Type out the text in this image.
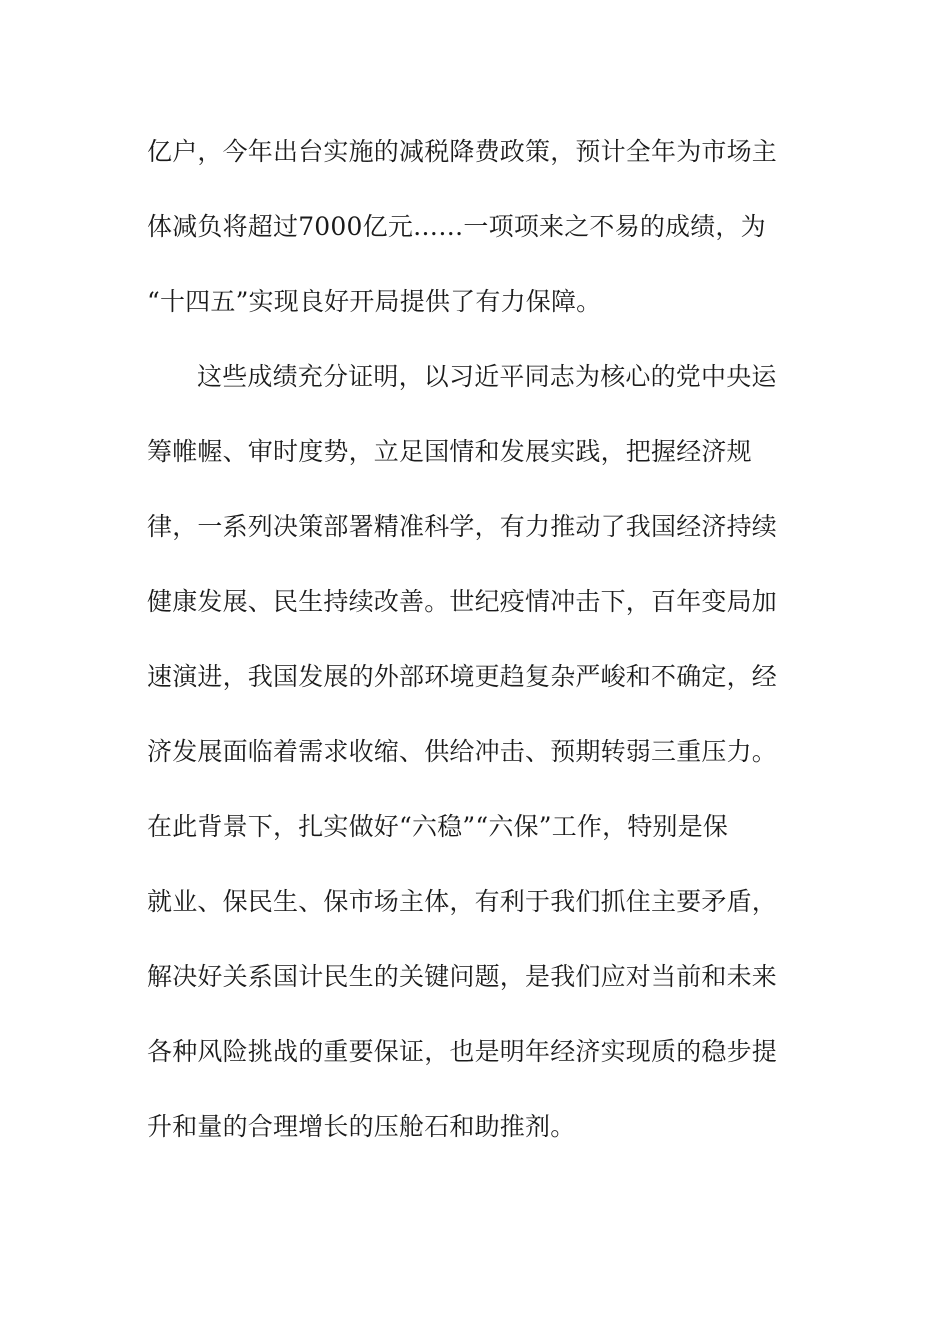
亿户，今年出台实施的减税降费政策，预计全年为市场主
体减负将超过7000亿元……一项项来之不易的成绩，为
“十四五”实现良好开局提供了有力保障。
这些成绩充分证明，以习近平同志为核心的党中央运
筹帷幄、审时度势，立足国情和发展实践，把握经济规
律，一系列决策部署精准科学，有力推动了我国经济持续
健康发展、民生持续改善。世纪疫情冲击下，百年变局加
速演进，我国发展的外部环境更趋复杂严峻和不确定，经
济发展面临着需求收缩、供给冲击、预期转弱三重压力。
在此背景下，扎实做好“六稳”“六保”工作，特别是保
就业、保民生、保市场主体，有利于我们抓住主要矛盾，
解决好关系国计民生的关键问题，是我们应对当前和未来
各种风险挑战的重要保证，也是明年经济实现质的稳步提
升和量的合理增长的压舱石和助推剂。
